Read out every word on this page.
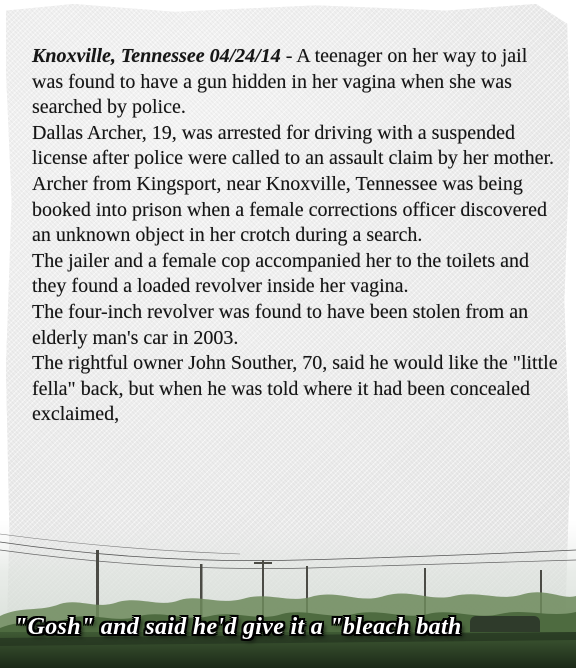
Knoxville, Tennessee 04/24/14 - A teenager on her way to jail was found to have a gun hidden in her vagina when she was searched by police.

Dallas Archer, 19, was arrested for driving with a suspended license after police were called to an assault claim by her mother.

Archer from Kingsport, near Knoxville, Tennessee was being booked into prison when a female corrections officer discovered an unknown object in her crotch during a search.

The jailer and a female cop accompanied her to the toilets and they found a loaded revolver inside her vagina.

The four-inch revolver was found to have been stolen from an elderly man's car in 2003.

The rightful owner John Souther, 70, said he would like the "little fella" back, but when he was told where it had been concealed exclaimed,

"Gosh" and said he'd give it a "bleach bath
